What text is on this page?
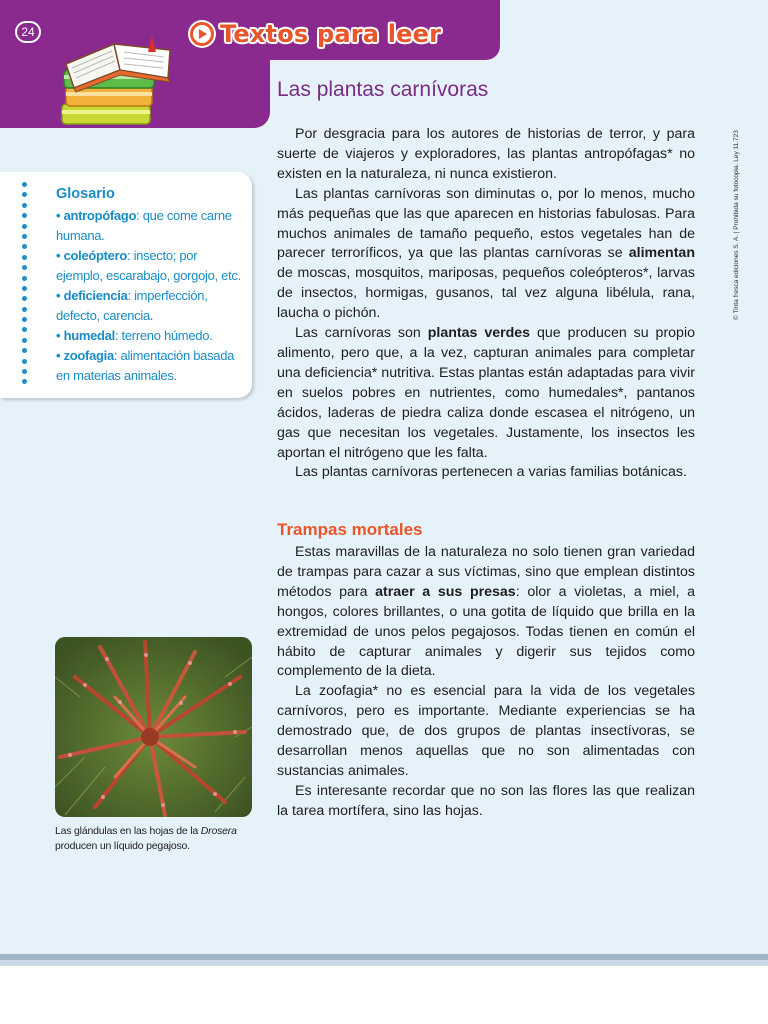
24	Textos para leer
Las plantas carnívoras

Por desgracia para los autores de historias de terror, y para suerte de viajeros y exploradores, las plantas antropófagas* no existen en la naturaleza, ni nunca existieron.

Las plantas carnívoras son diminutas o, por lo menos, mucho más pequeñas que las que aparecen en historias fabulosas. Para muchos animales de tamaño pequeño, estos vegetales han de parecer terroríficos, ya que las plantas carnívoras se alimentan de moscas, mosquitos, mariposas, pequeños coleópteros*, larvas de insectos, hormigas, gusanos, tal vez alguna libélula, rana, laucha o pichón.

Las carnívoras son plantas verdes que producen su propio alimento, pero que, a la vez, capturan animales para completar una deficiencia* nutritiva. Estas plantas están adaptadas para vivir en suelos pobres en nutrientes, como humedales*, pantanos ácidos, laderas de piedra caliza donde escasea el nitrógeno, un gas que necesitan los vegetales. Justamente, los insectos les aportan el nitrógeno que les falta.

Las plantas carnívoras pertenecen a varias familias botánicas.

Trampas mortales

Estas maravillas de la naturaleza no solo tienen gran variedad de trampas para cazar a sus víctimas, sino que emplean distintos métodos para atraer a sus presas: olor a violetas, a miel, a hongos, colores brillantes, o una gotita de líquido que brilla en la extremidad de unos pelos pegajosos. Todas tienen en común el hábito de capturar animales y digerir sus tejidos como complemento de la dieta.

La zoofagia* no es esencial para la vida de los vegetales carnívoros, pero es importante. Mediante experiencias se ha demostrado que, de dos grupos de plantas insectívoras, se desarrollan menos aquellas que no son alimentadas con sustancias animales.

Es interesante recordar que no son las flores las que realizan la tarea mortífera, sino las hojas.

Glosario
• antropófago: que come carne humana.
• coleóptero: insecto; por ejemplo, escarabajo, gorgojo, etc.
• deficiencia: imperfección, defecto, carencia.
• humedal: terreno húmedo.
• zoofagia: alimentación basada en materias animales.
Las glándulas en las hojas de la Drosera producen un líquido pegajoso.
© Tinta fresca ediciones S. A. | Prohibida su fotocopia. Ley 11.723
